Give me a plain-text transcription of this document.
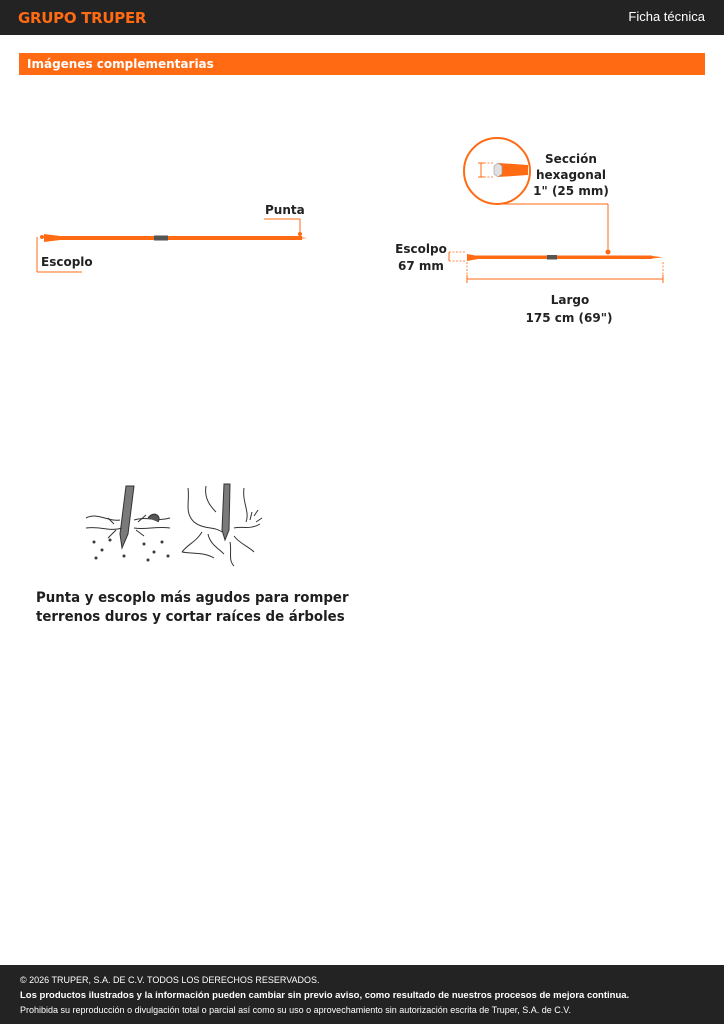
GRUPO TRUPER	Ficha técnica
Imágenes complementarias
Punta
Escoplo
Sección
hexagonal
1" (25 mm)
Escolpo
67 mm
Largo
175 cm (69")
Punta y escoplo más agudos para romper
terrenos duros y cortar raíces de árboles
© 2026 TRUPER, S.A. DE C.V. TODOS LOS DERECHOS RESERVADOS.
Los productos ilustrados y la información pueden cambiar sin previo aviso, como resultado de nuestros procesos de mejora continua.
Prohibida su reproducción o divulgación total o parcial así como su uso o aprovechamiento sin autorización escrita de Truper, S.A. de C.V.
